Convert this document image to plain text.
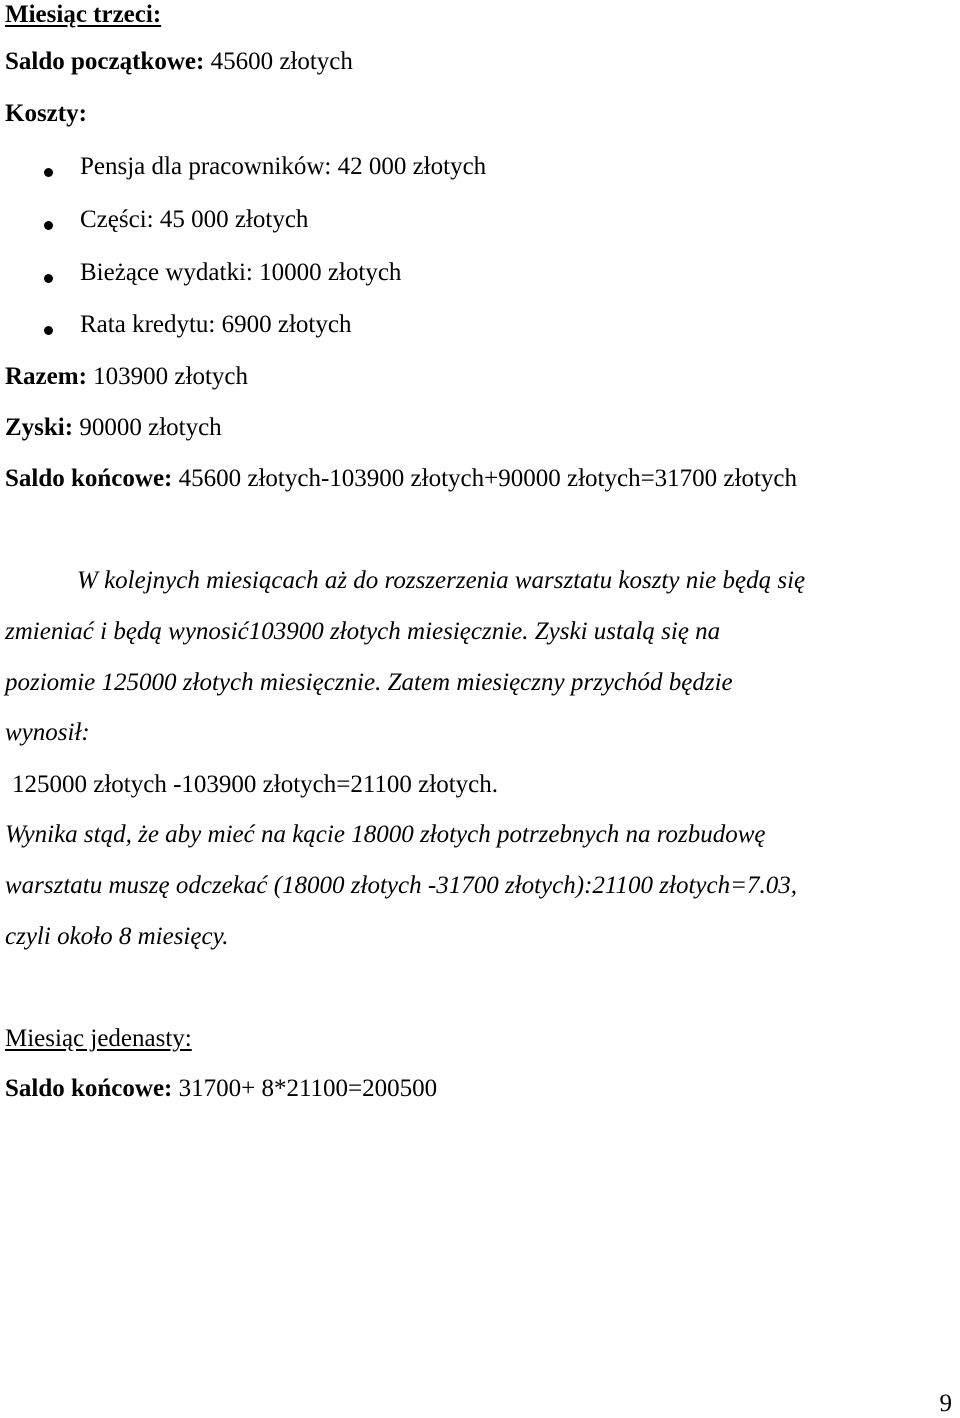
Miesiąc trzeci:
Saldo początkowe: 45600 złotych
Koszty:
Pensja dla pracowników: 42 000 złotych
Części: 45 000 złotych
Bieżące wydatki: 10000 złotych
Rata kredytu: 6900 złotych
Razem: 103900 złotych
Zyski: 90000 złotych
Saldo końcowe: 45600 złotych-103900 złotych+90000 złotych=31700 złotych
W kolejnych miesiącach aż do rozszerzenia warsztatu koszty nie będą się
zmieniać i będą wynosić103900 złotych miesięcznie. Zyski ustalą się na
poziomie 125000 złotych miesięcznie. Zatem miesięczny przychód będzie
wynosił:
125000 złotych -103900 złotych=21100 złotych.
Wynika stąd, że aby mieć na kącie 18000 złotych potrzebnych na rozbudowę
warsztatu muszę odczekać (18000 złotych -31700 złotych):21100 złotych=7.03,
czyli około 8 miesięcy.
Miesiąc jedenasty:
Saldo końcowe: 31700+ 8*21100=200500
9
